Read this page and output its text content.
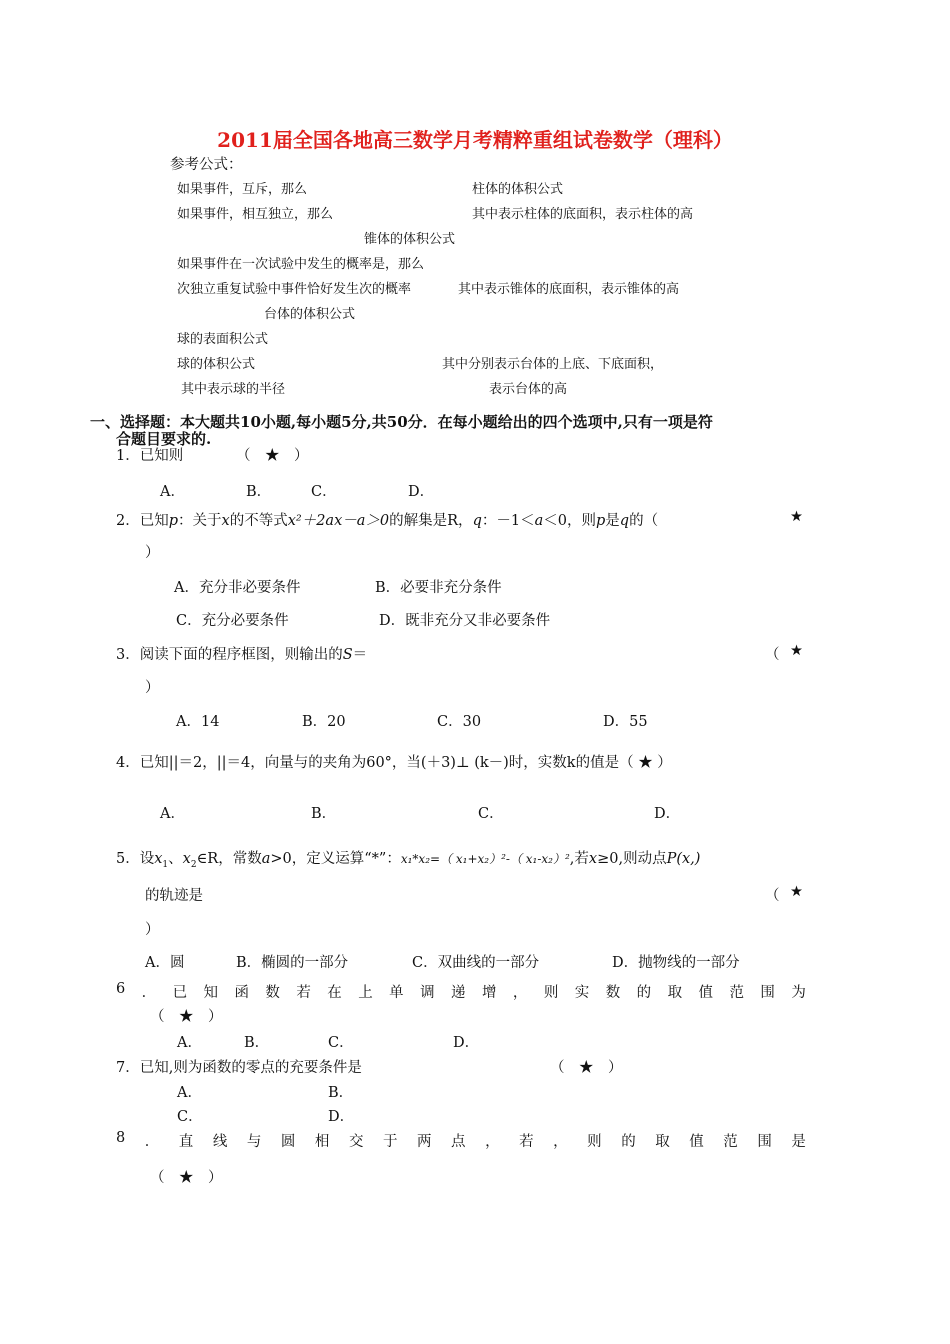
2011届全国各地高三数学月考精粹重组试卷数学（理科）
参考公式：
如果事件，互斥，那么	柱体的体积公式
如果事件，相互独立，那么	其中表示柱体的底面积，表示柱体的高
锥体的体积公式
如果事件在一次试验中发生的概率是，那么
次独立重复试验中事件恰好发生次的概率	其中表示锥体的底面积，表示锥体的高
台体的体积公式
球的表面积公式
球的体积公式	其中分别表示台体的上底、下底面积，
其中表示球的半径	表示台体的高
一、选择题：本大题共10小题,每小题5分,共50分．在每小题给出的四个选项中,只有一项是符
合题目要求的.
1．已知则	（　★　）
A．	B．	C．	D．
2．已知p：关于x的不等式x²＋2ax－a＞0的解集是R，q：－1＜a＜0，则p是q的（	★
）
A．充分非必要条件	B．必要非充分条件
C．充分必要条件	D．既非充分又非必要条件
3．阅读下面的程序框图，则输出的S＝	（ ★
）
A．14	B．20	C．30	D．55
4．已知||＝2，||＝4，向量与的夹角为60°，当(＋3)⊥ (k－)时，实数k的值是（ ★ ）
A．	B．	C．	D．
5．设$x_1$、$x_2\in R$，常数a>0，定义运算“*”：x₁*x₂=（ x₁+x₂）²-（ x₁-x₂）²,若x≥0,则动点P(x,)
的轨迹是	（ ★
）
A．圆	B．椭圆的一部分	C．双曲线的一部分	D．抛物线的一部分
6 ． 已 知 函 数 若 在 上 单 调 递 增 ， 则 实 数 的 取 值 范 围 为
（　★　）
A．	B．	C．	D．
7．已知,则为函数的零点的充要条件是	（　★　）
A．	B．
C．	D．
8 ． 直 线 与 圆 相 交 于 两 点 ， 若 ， 则 的 取 值 范 围 是
（　★　）
